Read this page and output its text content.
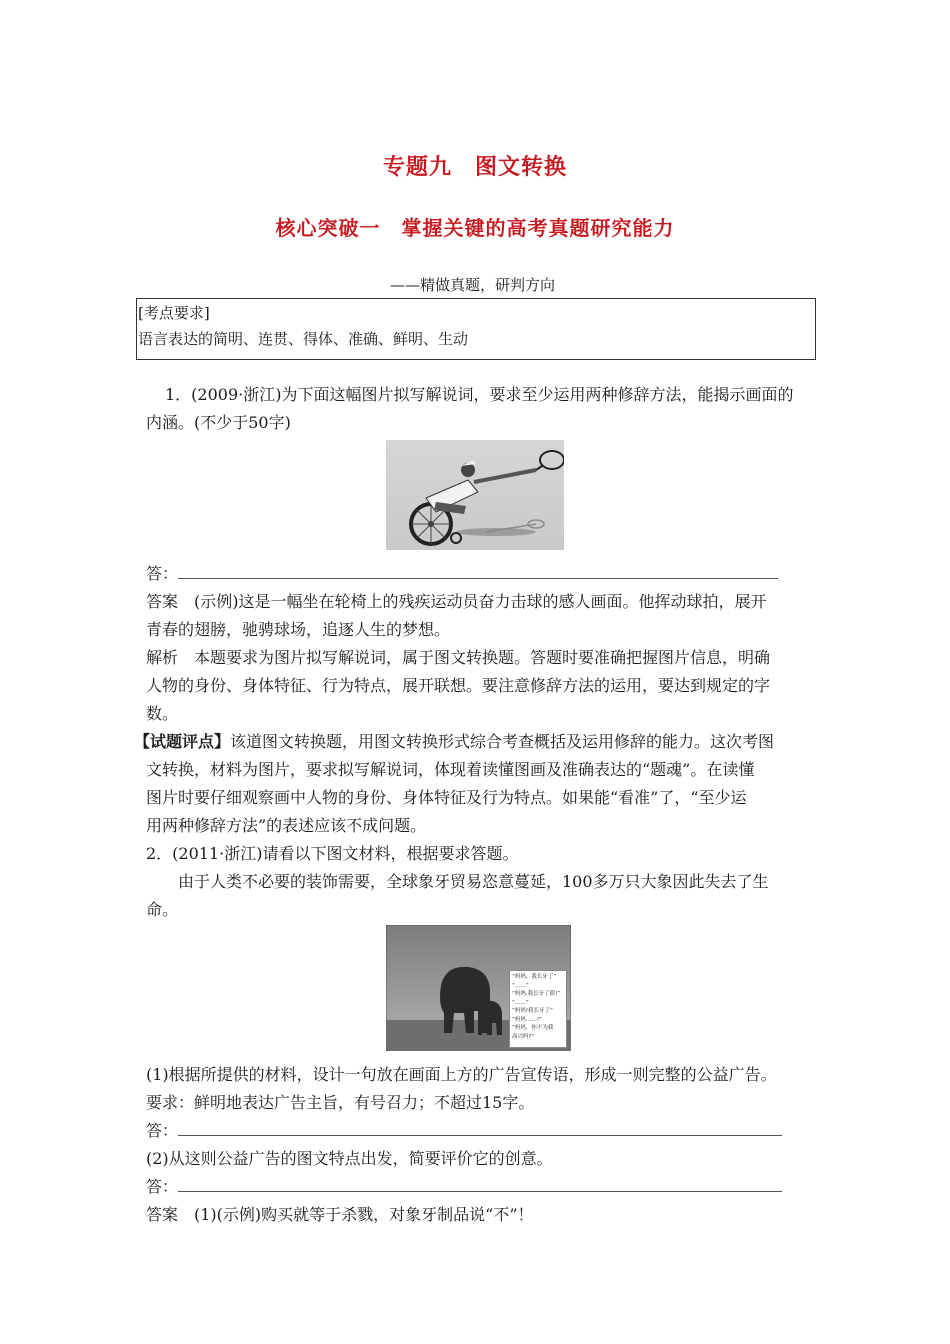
专题九　图文转换
核心突破一　掌握关键的高考真题研究能力
——精做真题，研判方向
[考点要求]
语言表达的简明、连贯、得体、准确、鲜明、生动
1．(2009·浙江)为下面这幅图片拟写解说词，要求至少运用两种修辞方法，能揭示画面的
内涵。(不少于50字)
答：
答案　(示例)这是一幅坐在轮椅上的残疾运动员奋力击球的感人画面。他挥动球拍，展开
青春的翅膀，驰骋球场，追逐人生的梦想。
解析　本题要求为图片拟写解说词，属于图文转换题。答题时要准确把握图片信息，明确
人物的身份、身体特征、行为特点，展开联想。要注意修辞方法的运用，要达到规定的字
数。
【试题评点】该道图文转换题，用图文转换形式综合考查概括及运用修辞的能力。这次考图
文转换，材料为图片，要求拟写解说词，体现着读懂图画及准确表达的“题魂”。在读懂
图片时要仔细观察画中人物的身份、身体特征及行为特点。如果能“看准”了，“至少运
用两种修辞方法”的表述应该不成问题。
2．(2011·浙江)请看以下图文材料，根据要求答题。
由于人类不必要的装饰需要，全球象牙贸易恣意蔓延，100多万只大象因此失去了生
命。
“妈妈，我长牙了”
“……”
“妈妈,我长牙了耶!”
“……”
“妈妈!我长牙了”
“妈妈……!”
“妈妈，你不为我
高兴吗?”
(1)根据所提供的材料，设计一句放在画面上方的广告宣传语，形成一则完整的公益广告。
要求：鲜明地表达广告主旨，有号召力；不超过15字。
答：
(2)从这则公益广告的图文特点出发，简要评价它的创意。
答：
答案　(1)(示例)购买就等于杀戮，对象牙制品说“不”！
